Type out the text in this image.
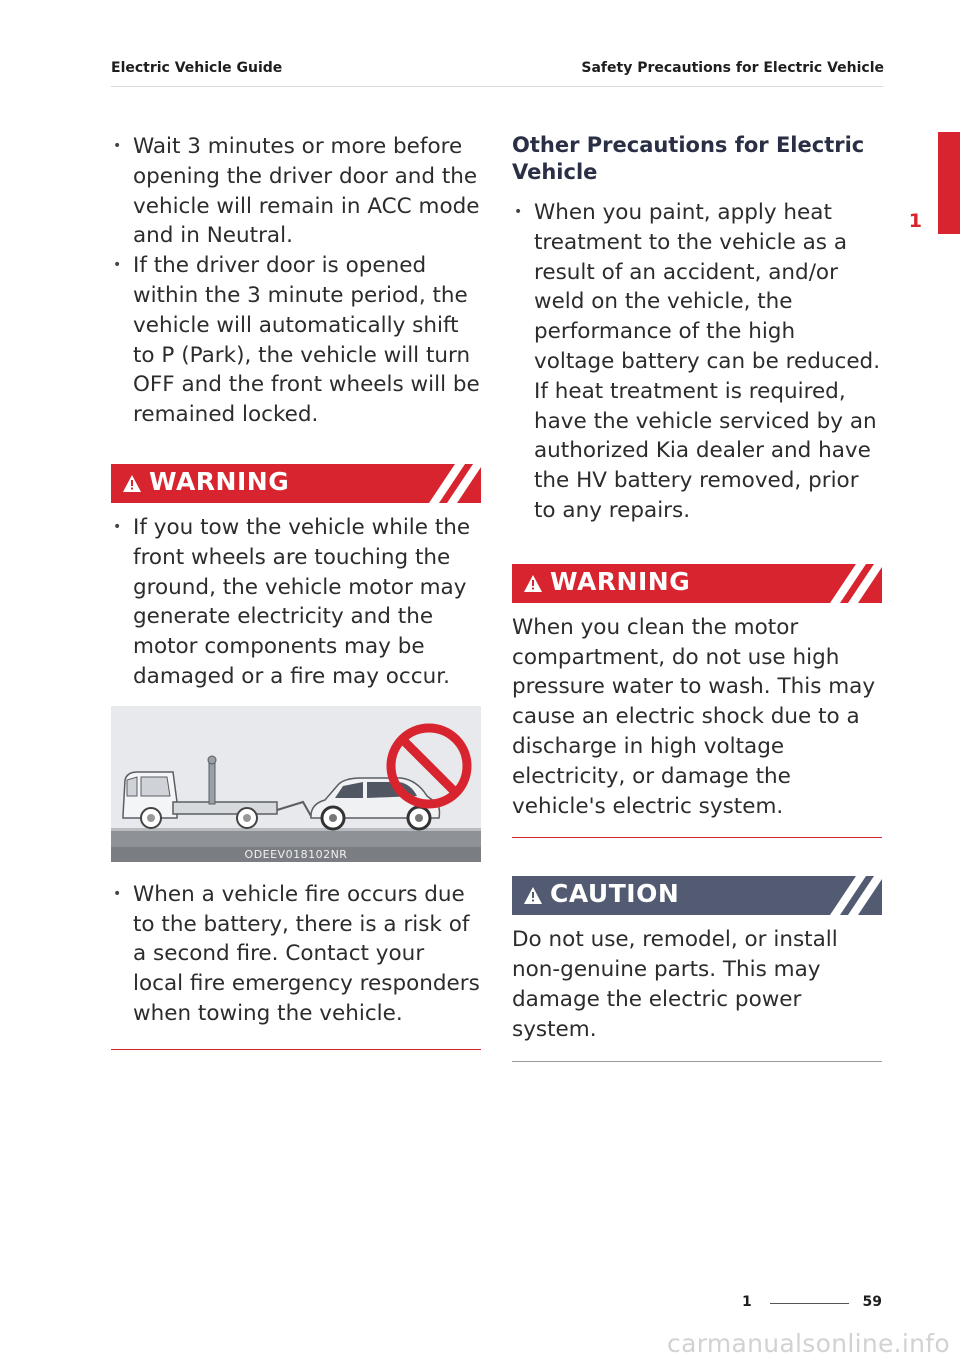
Electric Vehicle Guide	Safety Precautions for Electric Vehicle
1
• Wait 3 minutes or more before opening the driver door and the vehicle will remain in ACC mode and in Neutral.
• If the driver door is opened within the 3 minute period, the vehicle will automatically shift to P (Park), the vehicle will turn OFF and the front wheels will be remained locked.
WARNING
• If you tow the vehicle while the front wheels are touching the ground, the vehicle motor may generate electricity and the motor components may be damaged or a fire may occur.
ODEEV018102NR
• When a vehicle fire occurs due to the battery, there is a risk of a second fire. Contact your local fire emergency responders when towing the vehicle.
Other Precautions for Electric Vehicle
• When you paint, apply heat treatment to the vehicle as a result of an accident, and/or weld on the vehicle, the performance of the high voltage battery can be reduced.
If heat treatment is required, have the vehicle serviced by an authorized Kia dealer and have the HV battery removed, prior to any repairs.
WARNING

When you clean the motor compartment, do not use high pressure water to wash. This may cause an electric shock due to a discharge in high voltage electricity, or damage the vehicle's electric system.

CAUTION

Do not use, remodel, or install non-genuine parts. This may damage the electric power system.

1	59
carmanualsonline.info
